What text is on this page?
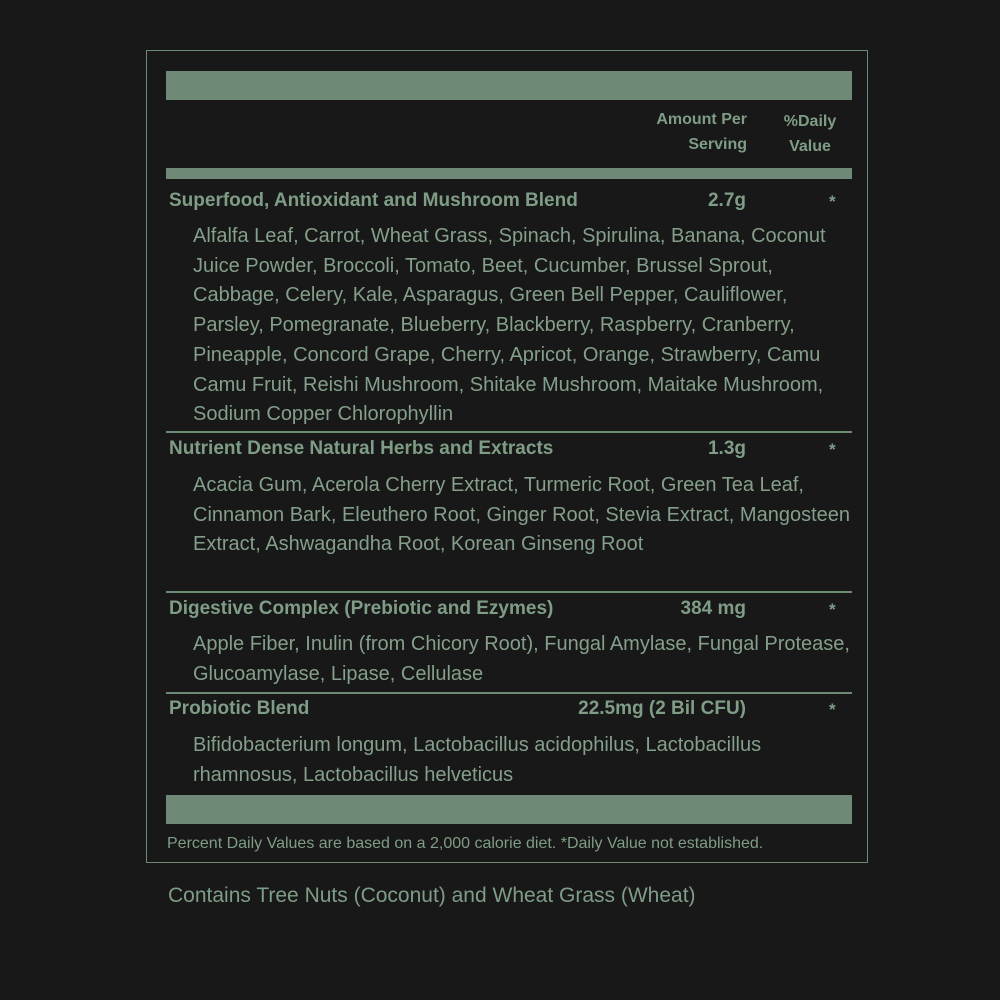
Amount Per
Serving
%Daily
Value
Superfood, Antioxidant and Mushroom Blend	2.7g	*
Alfalfa Leaf, Carrot, Wheat Grass, Spinach, Spirulina, Banana, Coconut Juice Powder, Broccoli, Tomato, Beet, Cucumber, Brussel Sprout, Cabbage, Celery, Kale, Asparagus, Green Bell Pepper, Cauliflower, Parsley, Pomegranate, Blueberry, Blackberry, Raspberry, Cranberry, Pineapple, Concord Grape, Cherry, Apricot, Orange, Strawberry, Camu Camu Fruit, Reishi Mushroom, Shitake Mushroom, Maitake Mushroom, Sodium Copper Chlorophyllin
Nutrient Dense Natural Herbs and Extracts	1.3g	*
Acacia Gum, Acerola Cherry Extract, Turmeric Root, Green Tea Leaf, Cinnamon Bark, Eleuthero Root, Ginger Root, Stevia Extract, Mangosteen Extract, Ashwagandha Root, Korean Ginseng Root
Digestive Complex (Prebiotic and Ezymes)	384 mg	*
Apple Fiber, Inulin (from Chicory Root), Fungal Amylase, Fungal Protease, Glucoamylase, Lipase, Cellulase
Probiotic Blend	22.5mg (2 Bil CFU)	*
Bifidobacterium longum, Lactobacillus acidophilus, Lactobacillus rhamnosus, Lactobacillus helveticus
Percent Daily Values are based on a 2,000 calorie diet. *Daily Value not established.
Contains Tree Nuts (Coconut) and Wheat Grass (Wheat)
